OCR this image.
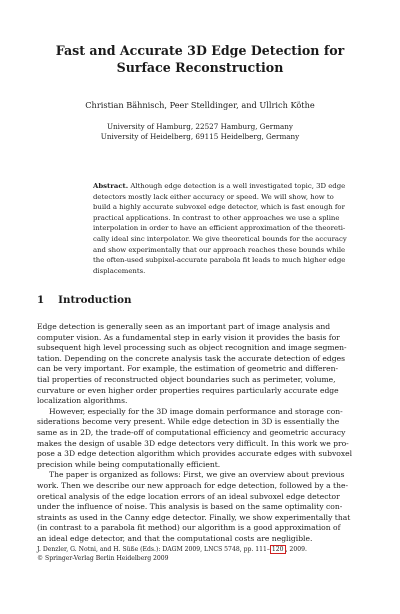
Fast and Accurate 3D Edge Detection for
Surface Reconstruction
Christian Bähnisch, Peer Stelldinger, and Ullrich Köthe
University of Hamburg, 22527 Hamburg, Germany
University of Heidelberg, 69115 Heidelberg, Germany
Abstract. Although edge detection is a well investigated topic, 3D edge
detectors mostly lack either accuracy or speed. We will show, how to
build a highly accurate subvoxel edge detector, which is fast enough for
practical applications. In contrast to other approaches we use a spline
interpolation in order to have an efficient approximation of the theoreti-
cally ideal sinc interpolator. We give theoretical bounds for the accuracy
and show experimentally that our approach reaches these bounds while
the often-used subpixel-accurate parabola fit leads to much higher edge
displacements.
1 Introduction

Edge detection is generally seen as an important part of image analysis and
computer vision. As a fundamental step in early vision it provides the basis for
subsequent high level processing such as object recognition and image segmen-
tation. Depending on the concrete analysis task the accurate detection of edges
can be very important. For example, the estimation of geometric and differen-
tial properties of reconstructed object boundaries such as perimeter, volume,
curvature or even higher order properties requires particularly accurate edge
localization algorithms.

However, especially for the 3D image domain performance and storage con-
siderations become very present. While edge detection in 3D is essentially the
same as in 2D, the trade-off of computational efficiency and geometric accuracy
makes the design of usable 3D edge detectors very difficult. In this work we pro-
pose a 3D edge detection algorithm which provides accurate edges with subvoxel
precision while being computationally efficient.

The paper is organized as follows: First, we give an overview about previous
work. Then we describe our new approach for edge detection, followed by a the-
oretical analysis of the edge location errors of an ideal subvoxel edge detector
under the influence of noise. This analysis is based on the same optimality con-
straints as used in the Canny edge detector. Finally, we show experimentally that
(in contrast to a parabola fit method) our algorithm is a good approximation of
an ideal edge detector, and that the computational costs are negligible.

J. Denzler, G. Notni, and H. Süße (Eds.): DAGM 2009, LNCS 5748, pp. 111– 120 , 2009.
© Springer-Verlag Berlin Heidelberg 2009
